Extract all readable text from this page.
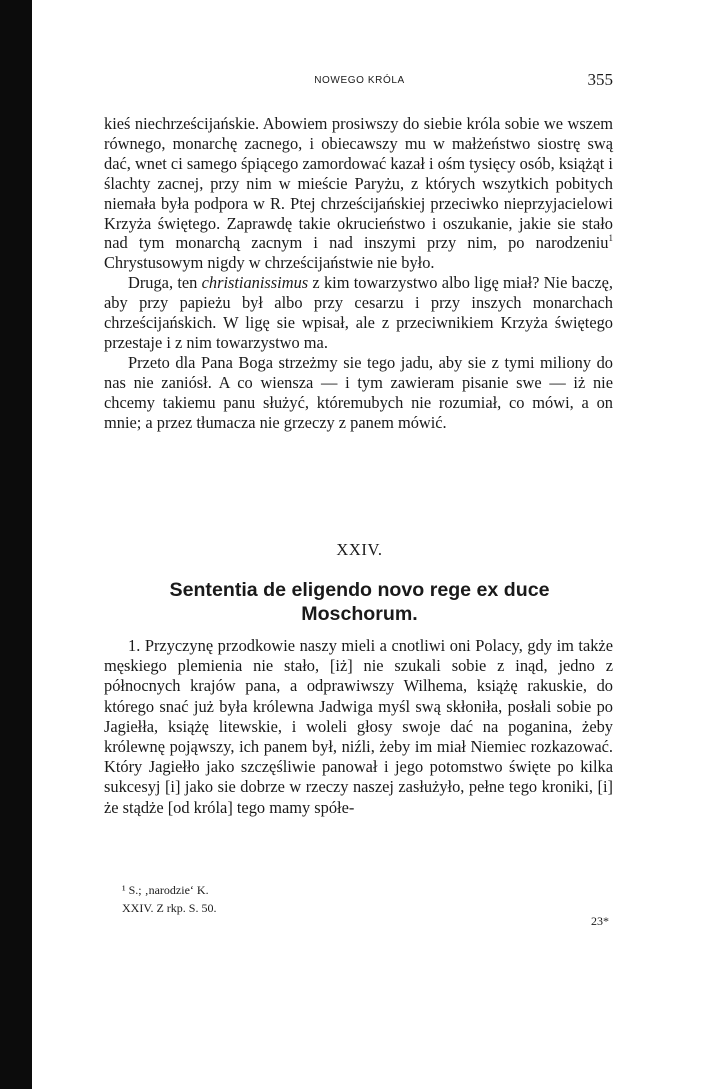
NOWEGO KRÓLA	355

kieś niechrześcijańskie. Abowiem prosiwszy do siebie króla sobie we wszem równego, monarchę zacnego, i obiecawszy mu w małżeństwo siostrę swą dać, wnet ci samego śpiącego zamordować kazał i ośm tysięcy osób, książąt i ślachty zacnej, przy nim w mieście Paryżu, z których wszytkich pobitych niemała była podpora w R. Ptej chrześcijańskiej przeciwko nieprzyjacielowi Krzyża świętego. Zaprawdę takie okrucieństwo i oszukanie, jakie sie stało nad tym monarchą zacnym i nad inszymi przy nim, po narodzeniu$^1$ Chrystusowym nigdy w chrześcijaństwie nie było.

Druga, ten christianissimus z kim towarzystwo albo ligę miał? Nie baczę, aby przy papieżu był albo przy cesarzu i przy inszych monarchach chrześcijańskich. W ligę sie wpisał, ale z przeciwnikiem Krzyża świętego przestaje i z nim towarzystwo ma.

Przeto dla Pana Boga strzeżmy sie tego jadu, aby sie z tymi miliony do nas nie zaniósł. A co wiensza — i tym zawieram pisanie swe — iż nie chcemy takiemu panu służyć, któremubych nie rozumiał, co mówi, a on mnie; a przez tłumacza nie grzeczy z panem mówić.

XXIV.
Sententia de eligendo novo rege ex duce
Moschorum.

1. Przyczynę przodkowie naszy mieli a cnotliwi oni Polacy, gdy im także męskiego plemienia nie stało, [iż] nie szukali sobie z inąd, jedno z północnych krajów pana, a odprawiwszy Wilhema, książę rakuskie, do którego snać już była królewna Jadwiga myśl swą skłoniła, posłali sobie po Jagiełła, książę litewskie, i woleli głosy swoje dać na poganina, żeby królewnę pojąwszy, ich panem był, niźli, żeby im miał Niemiec rozkazować. Który Jagiełło jako szczęśliwie panował i jego potomstwo święte po kilka sukcesyj [i] jako sie dobrze w rzeczy naszej zasłużyło, pełne tego kroniki, [i] że stądże [od króla] tego mamy spółe-

¹ S.; ‚narodzie‘ K.
XXIV. Z rkp. S. 50.
23*
